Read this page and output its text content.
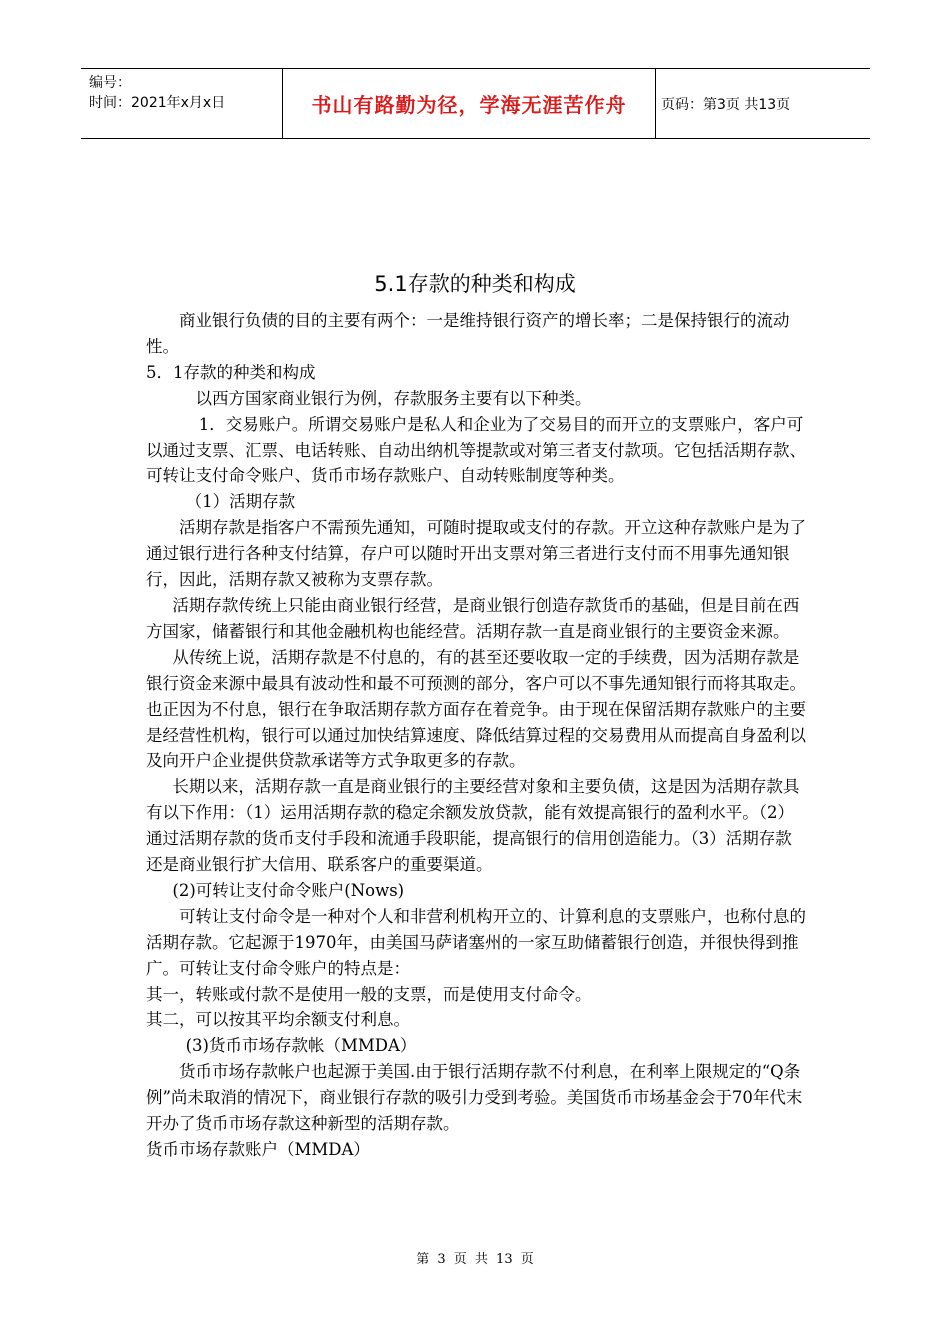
编号：
时间：2021年x月x日	书山有路勤为径，学海无涯苦作舟	页码：第3页 共13页
5.1存款的种类和构成

商业银行负债的目的主要有两个：一是维持银行资产的增长率；二是保持银行的流动性。

5．1存款的种类和构成

以西方国家商业银行为例，存款服务主要有以下种类。

1．交易账户。所谓交易账户是私人和企业为了交易目的而开立的支票账户，客户可以通过支票、汇票、电话转账、自动出纳机等提款或对第三者支付款项。它包括活期存款、可转让支付命令账户、货币市场存款账户、自动转账制度等种类。

（1）活期存款

活期存款是指客户不需预先通知，可随时提取或支付的存款。开立这种存款账户是为了通过银行进行各种支付结算，存户可以随时开出支票对第三者进行支付而不用事先通知银行，因此，活期存款又被称为支票存款。

活期存款传统上只能由商业银行经营，是商业银行创造存款货币的基础，但是目前在西方国家，储蓄银行和其他金融机构也能经营。活期存款一直是商业银行的主要资金来源。

从传统上说，活期存款是不付息的，有的甚至还要收取一定的手续费，因为活期存款是银行资金来源中最具有波动性和最不可预测的部分，客户可以不事先通知银行而将其取走。也正因为不付息，银行在争取活期存款方面存在着竞争。由于现在保留活期存款账户的主要是经营性机构，银行可以通过加快结算速度、降低结算过程的交易费用从而提高自身盈利以及向开户企业提供贷款承诺等方式争取更多的存款。

长期以来，活期存款一直是商业银行的主要经营对象和主要负债，这是因为活期存款具有以下作用：（1）运用活期存款的稳定余额发放贷款，能有效提高银行的盈利水平。（2）通过活期存款的货币支付手段和流通手段职能，提高银行的信用创造能力。（3）活期存款还是商业银行扩大信用、联系客户的重要渠道。

(2)可转让支付命令账户(Nows)

可转让支付命令是一种对个人和非营利机构开立的、计算利息的支票账户，也称付息的活期存款。它起源于1970年，由美国马萨诸塞州的一家互助储蓄银行创造，并很快得到推广。可转让支付命令账户的特点是：

其一，转账或付款不是使用一般的支票，而是使用支付命令。

其二，可以按其平均余额支付利息。

(3)货币市场存款帐（MMDA）

货币市场存款帐户也起源于美国.由于银行活期存款不付利息，在利率上限规定的“Q条例”尚未取消的情况下，商业银行存款的吸引力受到考验。美国货币市场基金会于70年代末开办了货币市场存款这种新型的活期存款。

货币市场存款账户（MMDA）

第 3 页 共 13 页
